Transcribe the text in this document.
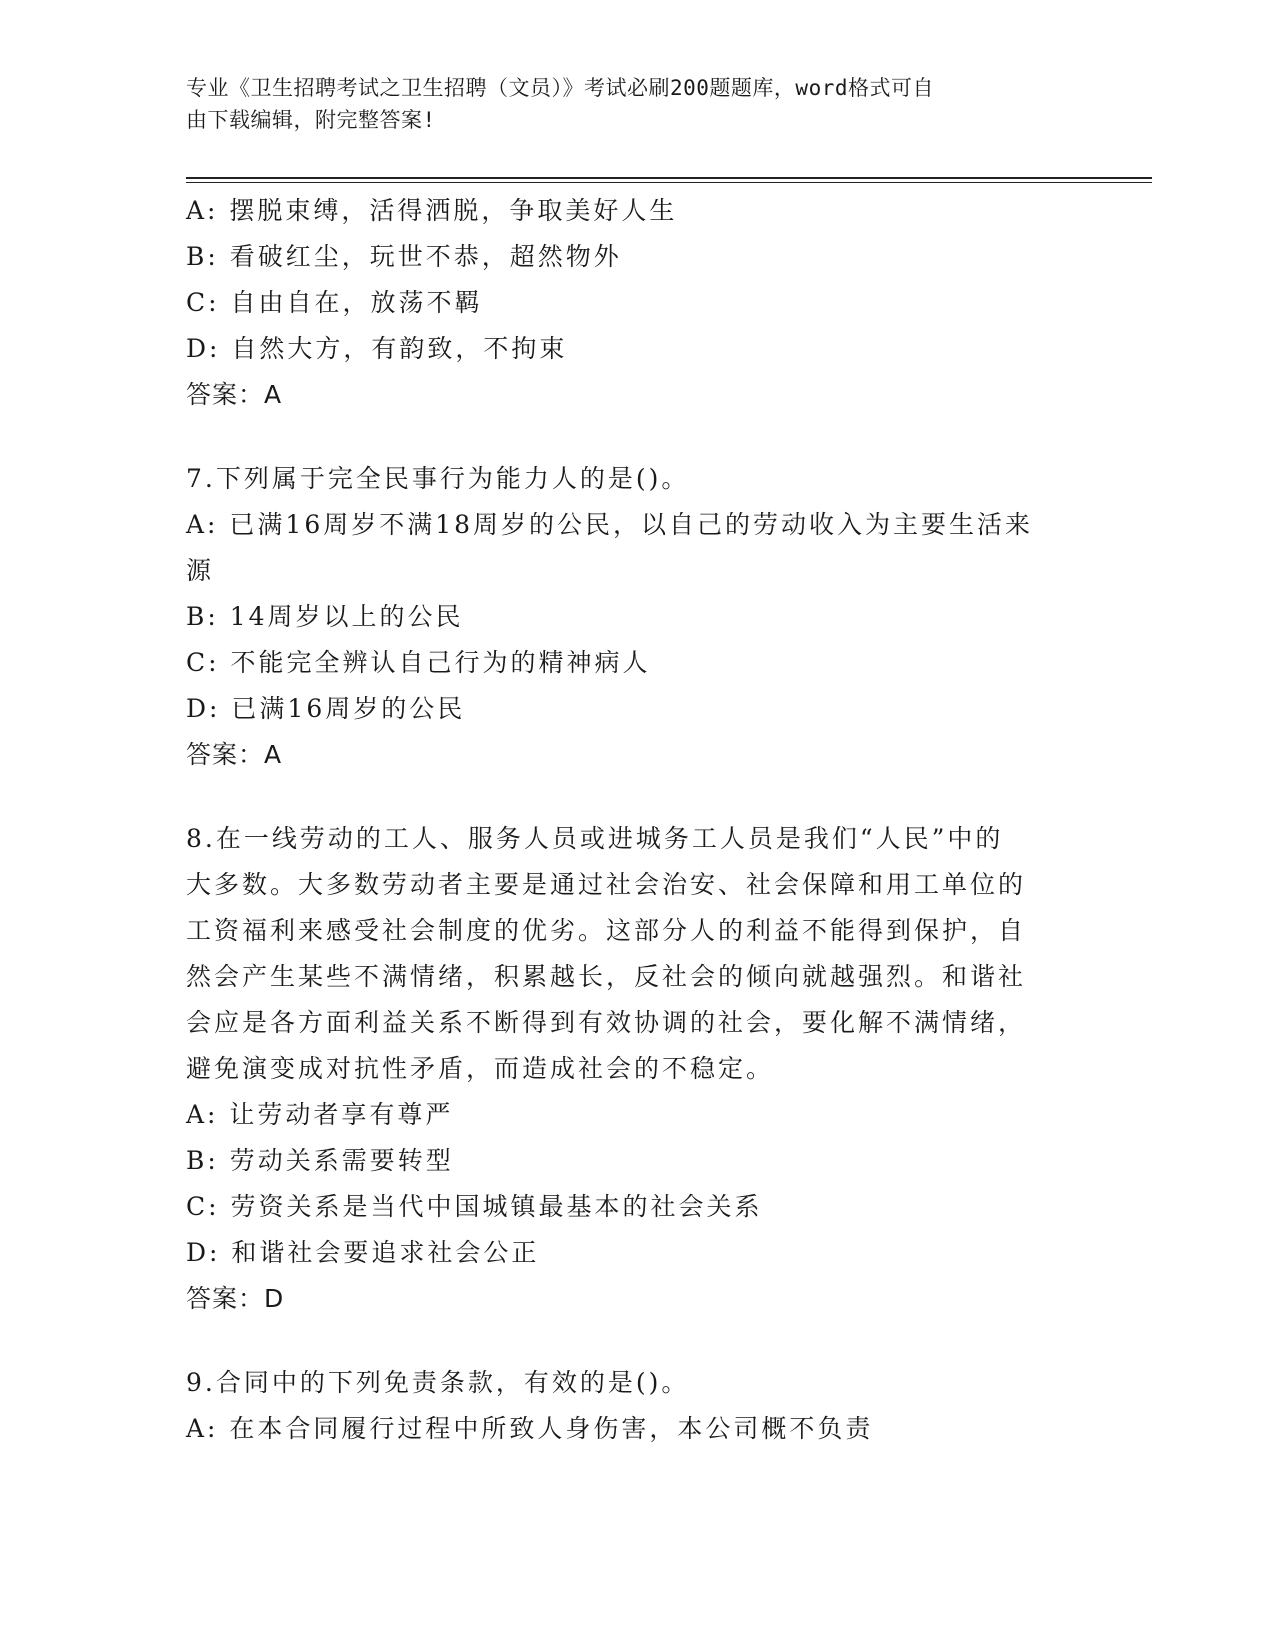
专业《卫生招聘考试之卫生招聘（文员）》考试必刷200题题库，word格式可自
由下载编辑，附完整答案!
A: 摆脱束缚，活得洒脱，争取美好人生
B: 看破红尘，玩世不恭，超然物外
C: 自由自在，放荡不羁
D: 自然大方，有韵致，不拘束
答案：A
7.下列属于完全民事行为能力人的是()。
A: 已满16周岁不满18周岁的公民，以自己的劳动收入为主要生活来
源
B: 14周岁以上的公民
C: 不能完全辨认自己行为的精神病人
D: 已满16周岁的公民
答案：A
8.在一线劳动的工人、服务人员或进城务工人员是我们“人民”中的
大多数。大多数劳动者主要是通过社会治安、社会保障和用工单位的
工资福利来感受社会制度的优劣。这部分人的利益不能得到保护，自
然会产生某些不满情绪，积累越长，反社会的倾向就越强烈。和谐社
会应是各方面利益关系不断得到有效协调的社会，要化解不满情绪，
避免演变成对抗性矛盾，而造成社会的不稳定。
A: 让劳动者享有尊严
B: 劳动关系需要转型
C: 劳资关系是当代中国城镇最基本的社会关系
D: 和谐社会要追求社会公正
答案：D
9.合同中的下列免责条款，有效的是()。
A: 在本合同履行过程中所致人身伤害，本公司概不负责
